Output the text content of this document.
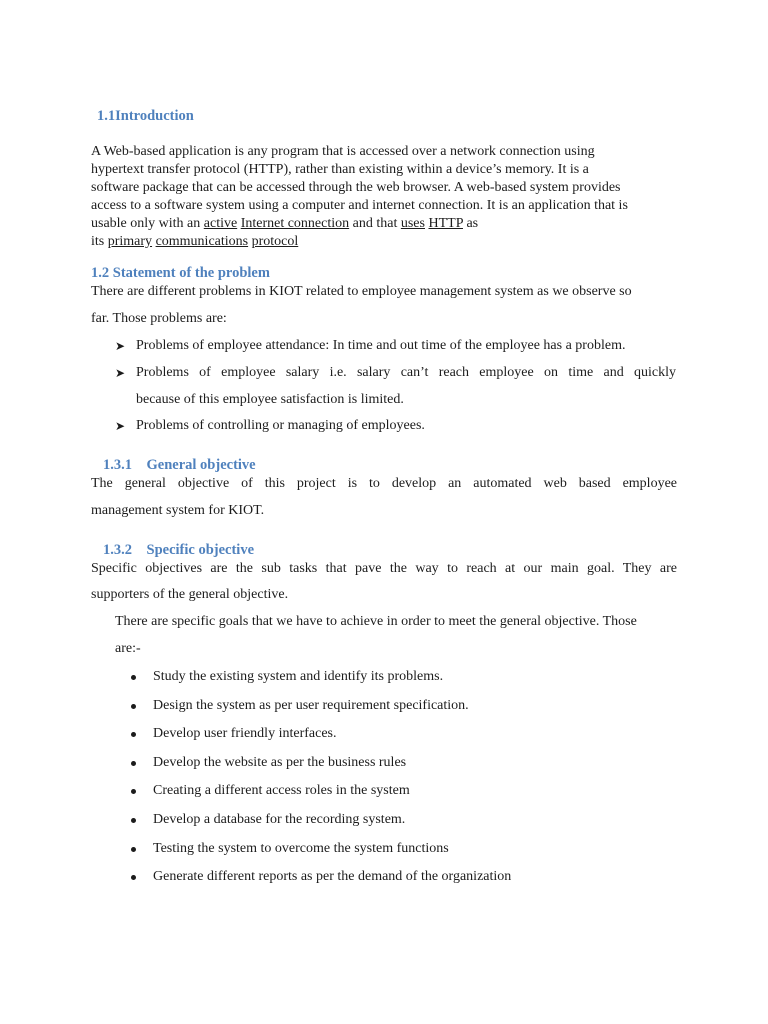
1.1Introduction
A Web-based application is any program that is accessed over a network connection using
hypertext transfer protocol (HTTP), rather than existing within a device’s memory. It is a
software package that can be accessed through the web browser. A web-based system provides
access to a software system using a computer and internet connection. It is an application that is
usable only with an active Internet connection and that uses HTTP as
its primary communications protocol
1.2 Statement of the problem
There are different problems in KIOT related to employee management system as we observe so
far. Those problems are:
➤ Problems of employee attendance: In time and out time of the employee has a problem.
➤ Problems of employee salary i.e. salary can’t reach employee on time and quickly
because of this employee satisfaction is limited.
➤ Problems of controlling or managing of employees.
1.3.1 General objective
The general objective of this project is to develop an automated web based employee
management system for KIOT.
1.3.2 Specific objective
Specific objectives are the sub tasks that pave the way to reach at our main goal. They are
supporters of the general objective.
There are specific goals that we have to achieve in order to meet the general objective. Those
are:-
Study the existing system and identify its problems.
Design the system as per user requirement specification.
Develop user friendly interfaces.
Develop the website as per the business rules
Creating a different access roles in the system
Develop a database for the recording system.
Testing the system to overcome the system functions
Generate different reports as per the demand of the organization
